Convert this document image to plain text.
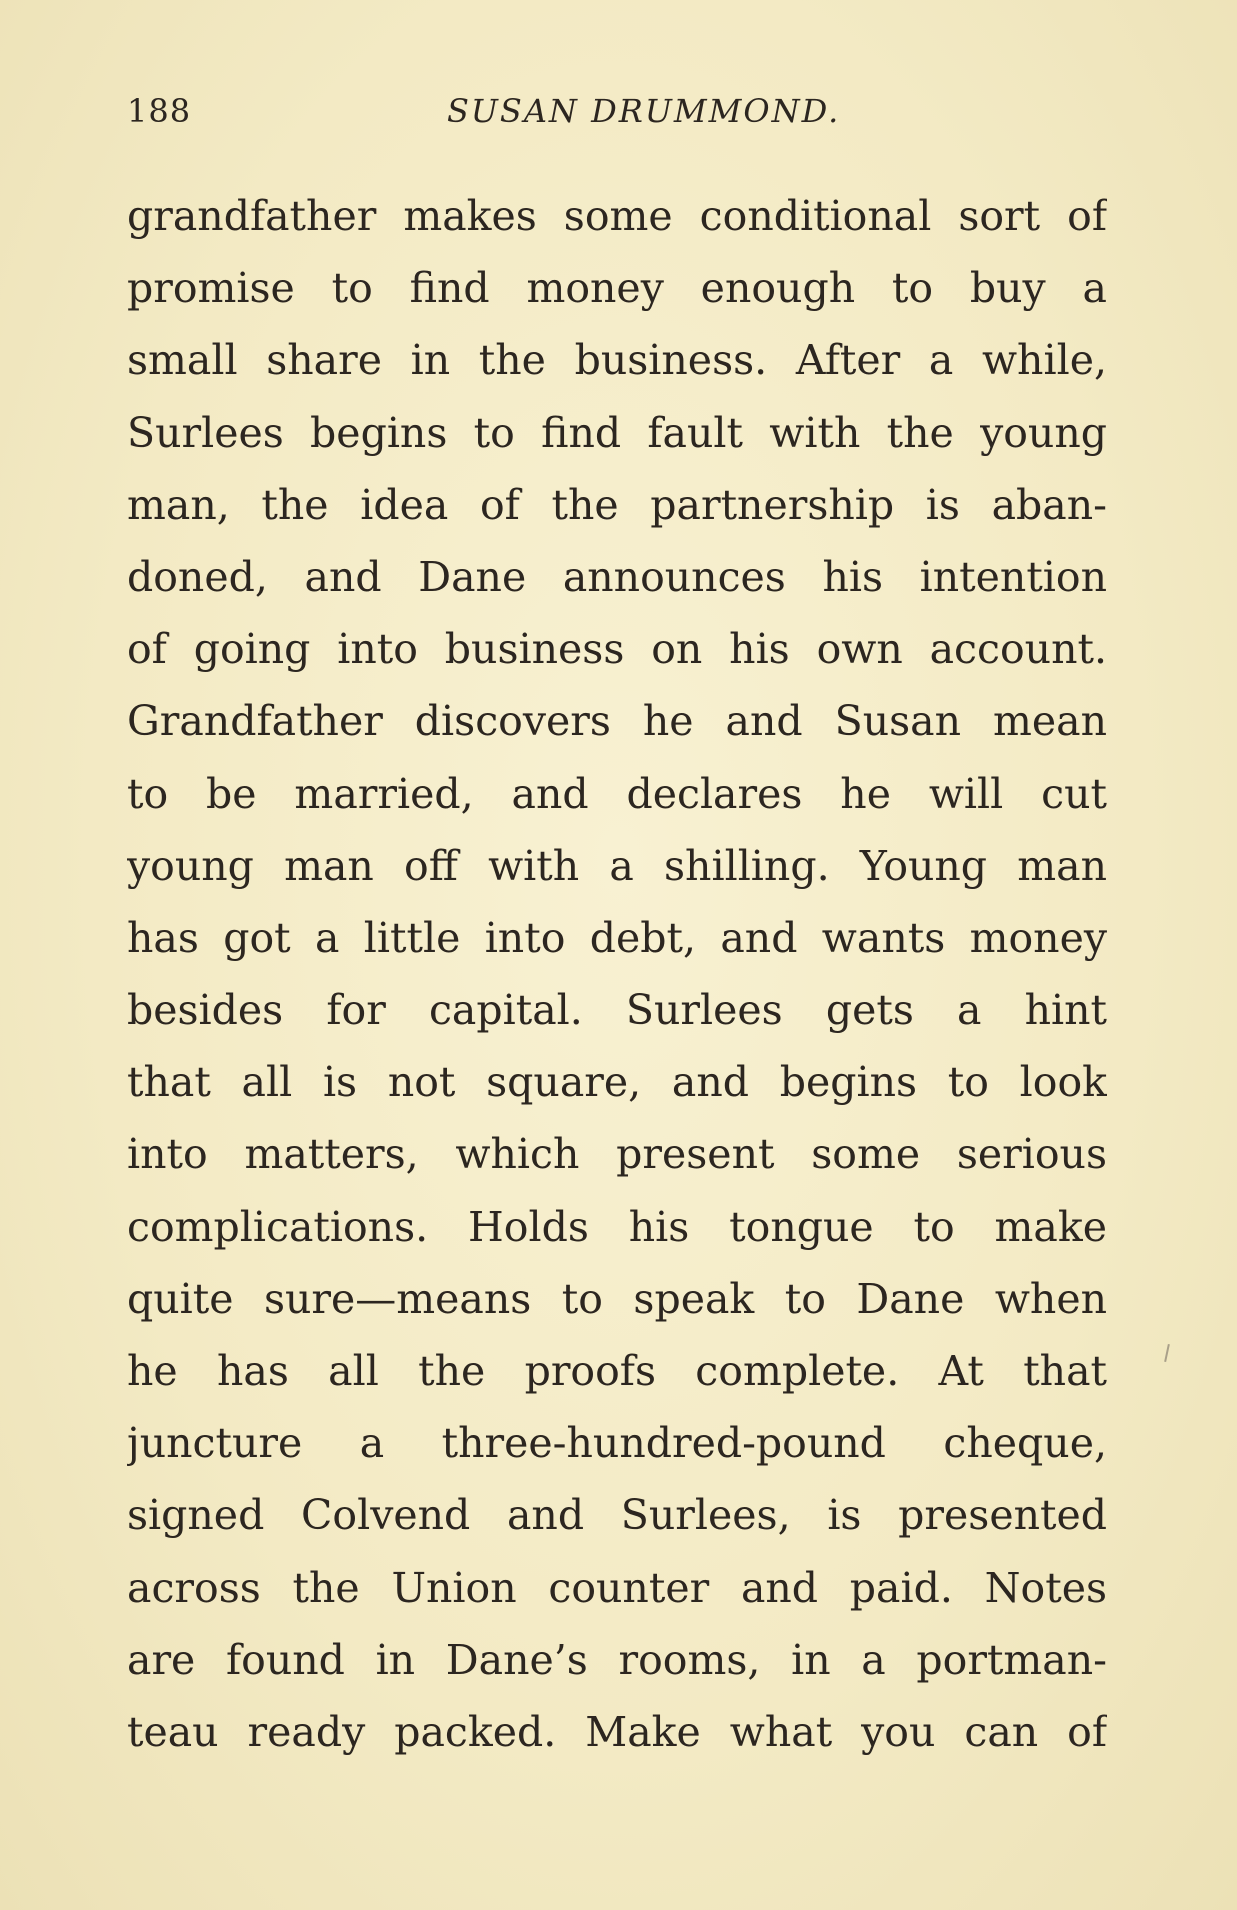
188	SUSAN DRUMMOND.
grandfather makes some conditional sort of
promise to find money enough to buy a
small share in the business. After a while,
Surlees begins to find fault with the young
man, the idea of the partnership is aban-
doned, and Dane announces his intention
of going into business on his own account.
Grandfather discovers he and Susan mean
to be married, and declares he will cut
young man off with a shilling. Young man
has got a little into debt, and wants money
besides for capital. Surlees gets a hint
that all is not square, and begins to look
into matters, which present some serious
complications. Holds his tongue to make
quite sure—means to speak to Dane when
he has all the proofs complete. At that
juncture a three-hundred-pound cheque,
signed Colvend and Surlees, is presented
across the Union counter and paid. Notes
are found in Dane’s rooms, in a portman-
teau ready packed. Make what you can of
